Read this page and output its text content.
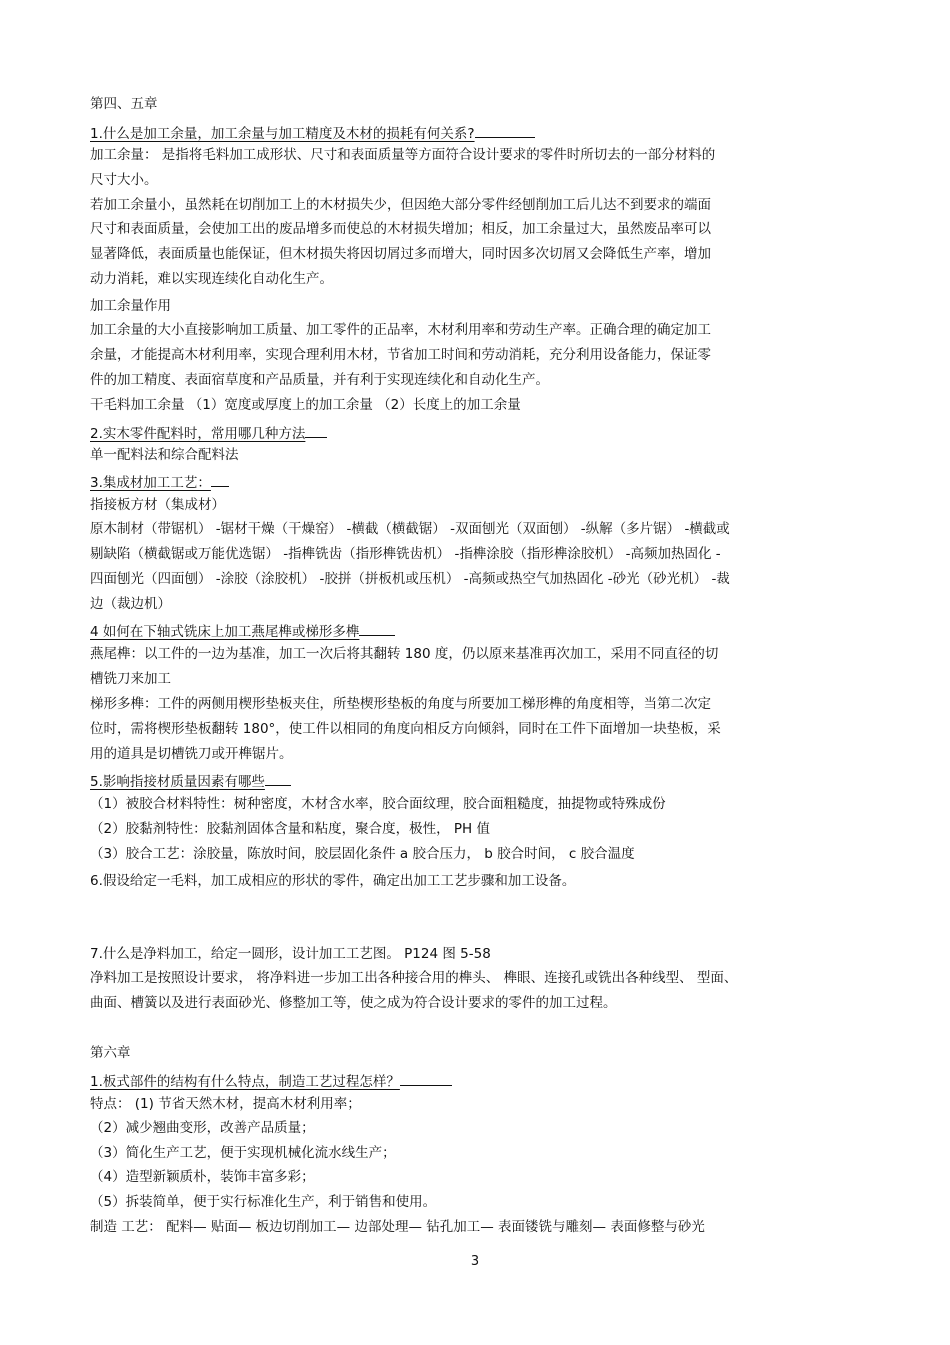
第四、五章
1.什么是加工余量，加工余量与加工精度及木材的损耗有何关系?
加工余量： 是指将毛料加工成形状、尺寸和表面质量等方面符合设计要求的零件时所切去的一部分材料的
尺寸大小。
若加工余量小，虽然耗在切削加工上的木材损失少，但因绝大部分零件经刨削加工后儿达不到要求的端面
尺寸和表面质量，会使加工出的废品增多而使总的木材损失增加；相反，加工余量过大，虽然废品率可以
显著降低，表面质量也能保证，但木材损失将因切屑过多而增大，同时因多次切屑又会降低生产率，增加
动力消耗，难以实现连续化自动化生产。
加工余量作用
加工余量的大小直接影响加工质量、加工零件的正品率，木材利用率和劳动生产率。正确合理的确定加工
余量，才能提高木材利用率，实现合理利用木材，节省加工时间和劳动消耗，充分利用设备能力，保证零
件的加工精度、表面宿草度和产品质量，并有利于实现连续化和自动化生产。
干毛料加工余量 （1）宽度或厚度上的加工余量 （2）长度上的加工余量
2.实木零件配料时，常用哪几种方法
单一配料法和综合配料法
3.集成材加工工艺：
指接板方材（集成材）
原木制材（带锯机） -锯材干燥（干燥窑） -横截（横截锯） -双面刨光（双面刨） -纵解（多片锯） -横截或
剔缺陷（横截锯或万能优选锯） -指榫铣齿（指形榫铣齿机） -指榫涂胶（指形榫涂胶机） -高频加热固化 -
四面刨光（四面刨） -涂胶（涂胶机） -胶拼（拼板机或压机） -高频或热空气加热固化 -砂光（砂光机） -裁
边（裁边机）
4 如何在下轴式铣床上加工燕尾榫或梯形多榫
燕尾榫：以工件的一边为基准，加工一次后将其翻转 180 度，仍以原来基准再次加工，采用不同直径的切
槽铣刀来加工
梯形多榫：工件的两侧用楔形垫板夹住，所垫楔形垫板的角度与所要加工梯形榫的角度相等，当第二次定
位时，需将楔形垫板翻转 180°，使工件以相同的角度向相反方向倾斜，同时在工件下面增加一块垫板，采
用的道具是切槽铣刀或开榫锯片。
5.影响指接材质量因素有哪些
（1）被胶合材料特性：树种密度，木材含水率，胶合面纹理，胶合面粗糙度，抽提物或特殊成份
（2）胶黏剂特性：胶黏剂固体含量和粘度，聚合度，极性， PH 值
（3）胶合工艺：涂胶量，陈放时间，胶层固化条件 a 胶合压力， b 胶合时间， c 胶合温度
6.假设给定一毛料，加工成相应的形状的零件，确定出加工工艺步骤和加工设备。
7.什么是净料加工，给定一圆形，设计加工工艺图。 P124 图 5-58
净料加工是按照设计要求， 将净料进一步加工出各种接合用的榫头、 榫眼、连接孔或铣出各种线型、 型面、
曲面、槽簧以及进行表面砂光、修整加工等，使之成为符合设计要求的零件的加工过程。
第六章
1.板式部件的结构有什么特点，制造工艺过程怎样？
特点： (1) 节省天然木材，提高木材利用率；
（2）减少翘曲变形，改善产品质量；
（3）简化生产工艺，便于实现机械化流水线生产；
（4）造型新颖质朴，装饰丰富多彩；
（5）拆装简单，便于实行标准化生产，利于销售和使用。
制造 工艺： 配料— 贴面— 板边切削加工— 边部处理— 钻孔加工— 表面镂铣与雕刻— 表面修整与砂光
3
